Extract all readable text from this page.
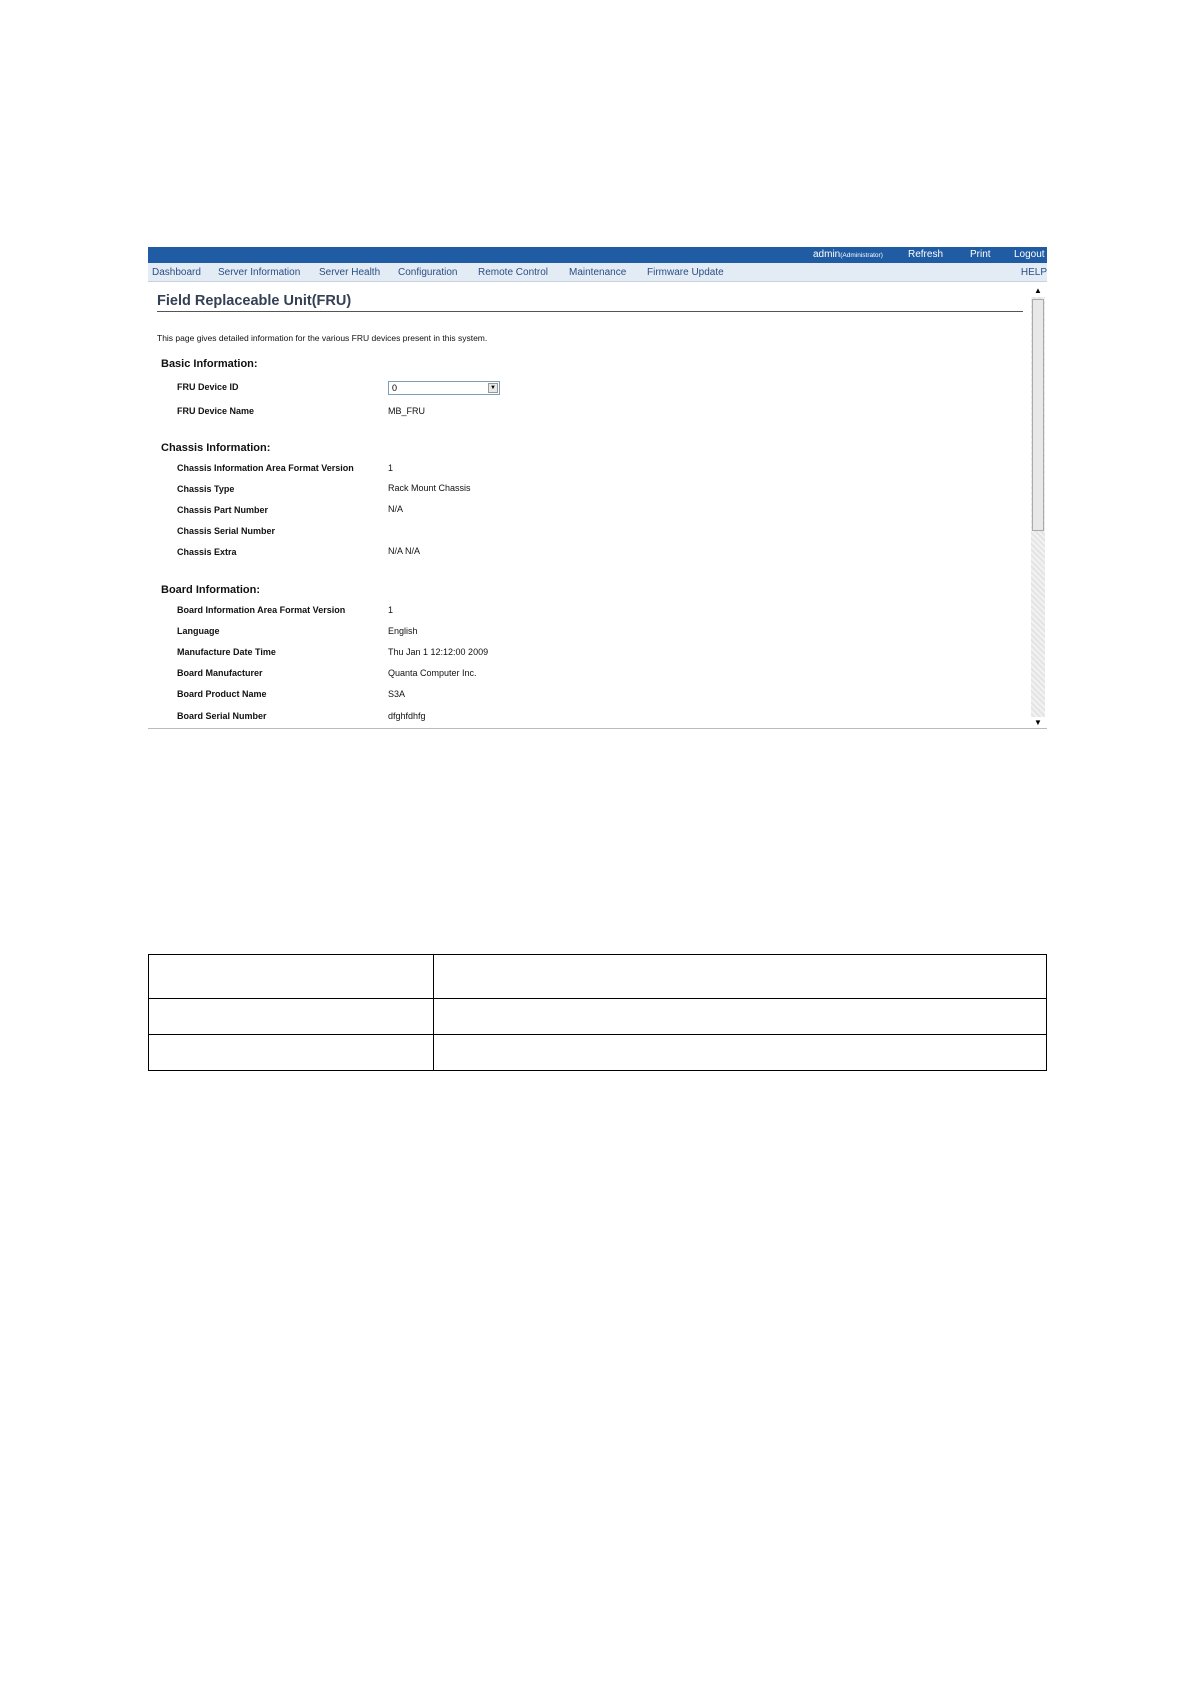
admin(Administrator)	Refresh	Print Logout
Dashboard Server Information Server Health Configuration Remote Control Maintenance Firmware Update	HELP
Field Replaceable Unit(FRU)
This page gives detailed information for the various FRU devices present in this system.
Basic Information:
FRU Device ID	0	▼
FRU Device Name	MB_FRU
Chassis Information:
Chassis Information Area Format Version	1
Chassis Type	Rack Mount Chassis
Chassis Part Number	N/A
Chassis Serial Number
Chassis Extra	N/A N/A
Board Information:
Board Information Area Format Version	1
Language	English
Manufacture Date Time	Thu Jan 1 12:12:00 2009
Board Manufacturer	Quanta Computer Inc.
Board Product Name	S3A
Board Serial Number	dfghfdhfg
▲
▼
